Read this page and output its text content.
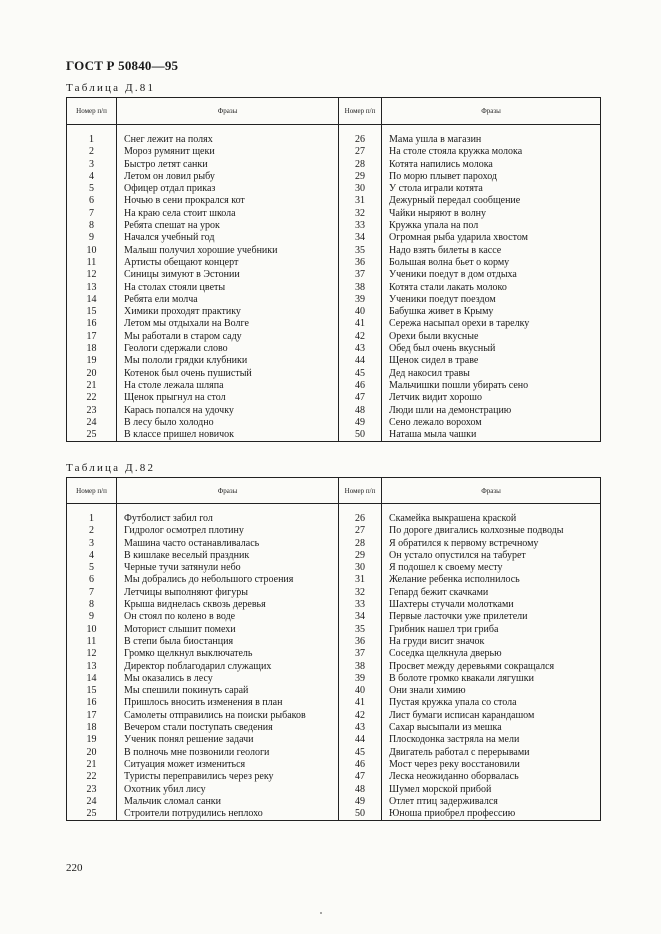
ГОСТ Р 50840—95
Таблица Д.81
Номер п/п	Фразы	Номер п/п	Фразы

1	Снег лежит на полях	26	Мама ушла в магазин
2	Мороз румянит щеки	27	На столе стояла кружка молока
3	Быстро летят санки	28	Котята напились молока
4	Летом он ловил рыбу	29	По морю плывет пароход
5	Офицер отдал приказ	30	У стола играли котята
6	Ночью в сени прокрался кот	31	Дежурный передал сообщение
7	На краю села стоит школа	32	Чайки ныряют в волну
8	Ребята спешат на урок	33	Кружка упала на пол
9	Начался учебный год	34	Огромная рыба ударила хвостом
10	Малыш получил хорошие учебники	35	Надо взять билеты в кассе
11	Артисты обещают концерт	36	Большая волна бьет о корму
12	Синицы зимуют в Эстонии	37	Ученики поедут в дом отдыха
13	На столах стояли цветы	38	Котята стали лакать молоко
14	Ребята ели молча	39	Ученики поедут поездом
15	Химики проходят практику	40	Бабушка живет в Крыму
16	Летом мы отдыхали на Волге	41	Сережа насыпал орехи в тарелку
17	Мы работали в старом саду	42	Орехи были вкусные
18	Геологи сдержали слово	43	Обед был очень вкусный
19	Мы пололи грядки клубники	44	Щенок сидел в траве
20	Котенок был очень пушистый	45	Дед накосил травы
21	На столе лежала шляпа	46	Мальчишки пошли убирать сено
22	Щенок прыгнул на стол	47	Летчик видит хорошо
23	Карась попался на удочку	48	Люди шли на демонстрацию
24	В лесу было холодно	49	Сено лежало ворохом
25	В классе пришел новичок	50	Наташа мыла чашки
Таблица Д.82
Номер п/п	Фразы	Номер п/п	Фразы

1	Футболист забил гол	26	Скамейка выкрашена краской
2	Гидролог осмотрел плотину	27	По дороге двигались колхозные подводы
3	Машина часто останавливалась	28	Я обратился к первому встречному
4	В кишлаке веселый праздник	29	Он устало опустился на табурет
5	Черные тучи затянули небо	30	Я подошел к своему месту
6	Мы добрались до небольшого строения	31	Желание ребенка исполнилось
7	Летчицы выполняют фигуры	32	Гепард бежит скачками
8	Крыша виднелась сквозь деревья	33	Шахтеры стучали молотками
9	Он стоял по колено в воде	34	Первые ласточки уже прилетели
10	Моторист слышит помехи	35	Грибник нашел три гриба
11	В степи была биостанция	36	На груди висит значок
12	Громко щелкнул выключатель	37	Соседка щелкнула дверью
13	Директор поблагодарил служащих	38	Просвет между деревьями сокращался
14	Мы оказались в лесу	39	В болоте громко квакали лягушки
15	Мы спешили покинуть сарай	40	Они знали химию
16	Пришлось вносить изменения в план	41	Пустая кружка упала со стола
17	Самолеты отправились на поиски рыбаков	42	Лист бумаги исписан карандашом
18	Вечером стали поступать сведения	43	Сахар высыпали из мешка
19	Ученик понял решение задачи	44	Плоскодонка застряла на мели
20	В полночь мне позвонили геологи	45	Двигатель работал с перерывами
21	Ситуация может измениться	46	Мост через реку восстановили
22	Туристы переправились через реку	47	Леска неожиданно оборвалась
23	Охотник убил лису	48	Шумел морской прибой
24	Мальчик сломал санки	49	Отлет птиц задерживался
25	Строители потрудились неплохо	50	Юноша приобрел профессию
220
